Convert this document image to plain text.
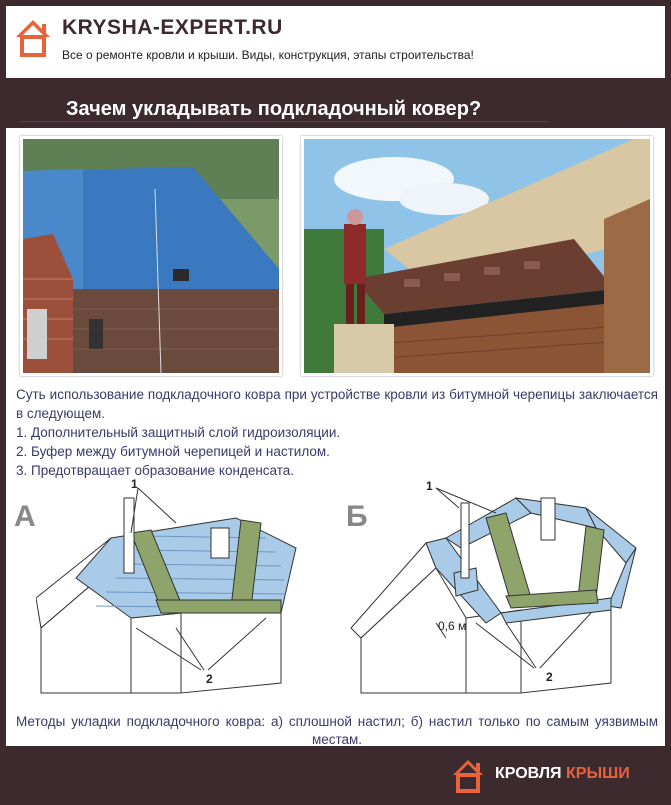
KRYSHA-EXPERT.RU
Все о ремонте кровли и крыши. Виды, конструкция, этапы строительства!
Зачем укладывать подкладочный ковер?

Суть использование подкладочного ковра при устройстве кровли из битумной черепицы заключается в следующем.

1. Дополнительный защитный слой гидроизоляции.

2. Буфер между битумной черепицей и настилом.

3. Предотвращает образование конденсата.

А
1
2
Б
1
0,6 м
2
Методы укладки подкладочного ковра: а) сплошной настил; б) настил только по самым уязвимым местам.
КРОВЛЯ КРЫШИ
